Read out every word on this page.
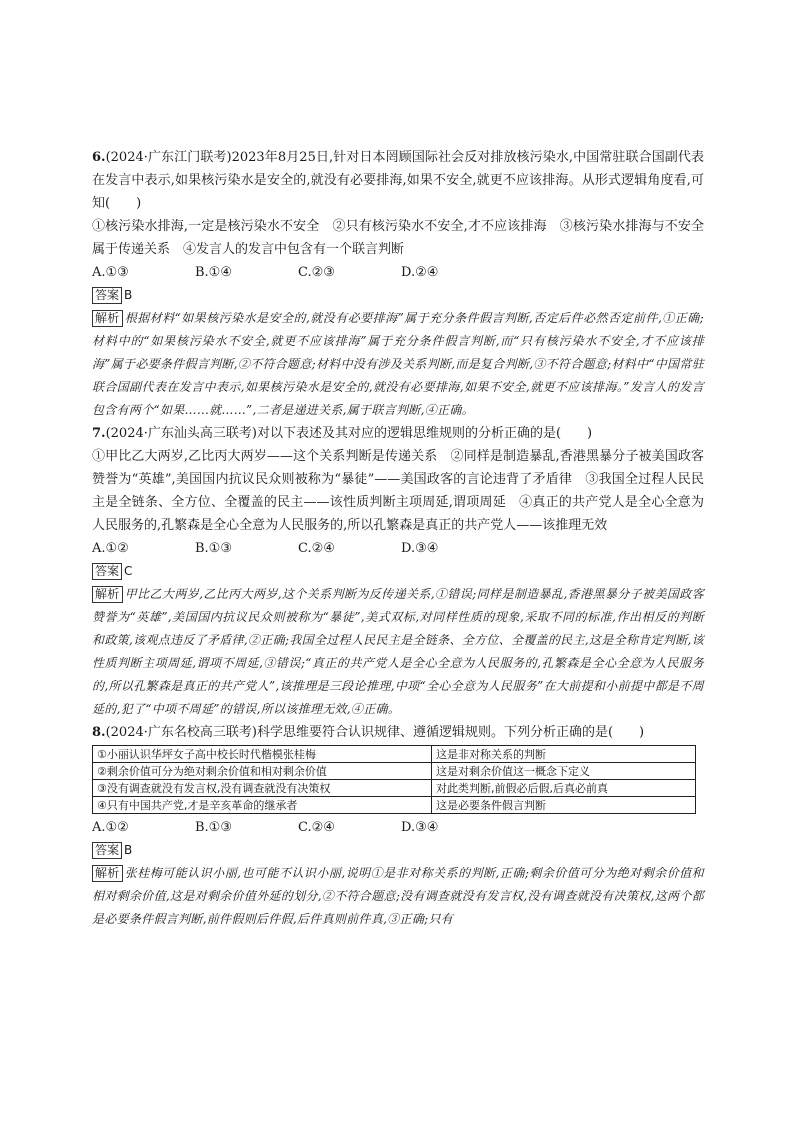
6.(2024·广东江门联考)2023年8月25日,针对日本罔顾国际社会反对排放核污染水,中国常驻联合国副代表在发言中表示,如果核污染水是安全的,就没有必要排海,如果不安全,就更不应该排海。从形式逻辑角度看,可知(　　)

①核污染水排海,一定是核污染水不安全　②只有核污染水不安全,才不应该排海　③核污染水排海与不安全属于传递关系　④发言人的发言中包含有一个联言判断

A.①③	B.①④	C.②③	D.②④
答案 B

解析 根据材料“如果核污染水是安全的,就没有必要排海”属于充分条件假言判断,否定后件必然否定前件,①正确;材料中的“如果核污染水不安全,就更不应该排海”属于充分条件假言判断,而“只有核污染水不安全,才不应该排海”属于必要条件假言判断,②不符合题意;材料中没有涉及关系判断,而是复合判断,③不符合题意;材料中“中国常驻联合国副代表在发言中表示,如果核污染水是安全的,就没有必要排海,如果不安全,就更不应该排海。”发言人的发言包含有两个“如果……就……”,二者是递进关系,属于联言判断,④正确。

7.(2024·广东汕头高三联考)对以下表述及其对应的逻辑思维规则的分析正确的是(　　)

①甲比乙大两岁,乙比丙大两岁——这个关系判断是传递关系　②同样是制造暴乱,香港黑暴分子被美国政客赞誉为“英雄”,美国国内抗议民众则被称为“暴徒”——美国政客的言论违背了矛盾律　③我国全过程人民民主是全链条、全方位、全覆盖的民主——该性质判断主项周延,谓项周延　④真正的共产党人是全心全意为人民服务的,孔繁森是全心全意为人民服务的,所以孔繁森是真正的共产党人——该推理无效

A.①②	B.①③	C.②④	D.③④
答案 C

解析 甲比乙大两岁,乙比丙大两岁,这个关系判断为反传递关系,①错误;同样是制造暴乱,香港黑暴分子被美国政客赞誉为“英雄”,美国国内抗议民众则被称为“暴徒”,美式双标,对同样性质的现象,采取不同的标准,作出相反的判断和政策,该观点违反了矛盾律,②正确;我国全过程人民民主是全链条、全方位、全覆盖的民主,这是全称肯定判断,该性质判断主项周延,谓项不周延,③错误;“真正的共产党人是全心全意为人民服务的,孔繁森是全心全意为人民服务的,所以孔繁森是真正的共产党人”,该推理是三段论推理,中项“全心全意为人民服务”在大前提和小前提中都是不周延的,犯了“中项不周延”的错误,所以该推理无效,④正确。

8.(2024·广东名校高三联考)科学思维要符合认识规律、遵循逻辑规则。下列分析正确的是(　　)

①小丽认识华坪女子高中校长时代楷模张桂梅	这是非对称关系的判断
②剩余价值可分为绝对剩余价值和相对剩余价值	这是对剩余价值这一概念下定义
③没有调查就没有发言权,没有调查就没有决策权	对此类判断,前假必后假,后真必前真
④只有中国共产党,才是辛亥革命的继承者	这是必要条件假言判断
A.①②	B.①③	C.②④	D.③④
答案 B

解析 张桂梅可能认识小丽,也可能不认识小丽,说明①是非对称关系的判断,正确;剩余价值可分为绝对剩余价值和相对剩余价值,这是对剩余价值外延的划分,②不符合题意;没有调查就没有发言权,没有调查就没有决策权,这两个都是必要条件假言判断,前件假则后件假,后件真则前件真,③正确;只有
